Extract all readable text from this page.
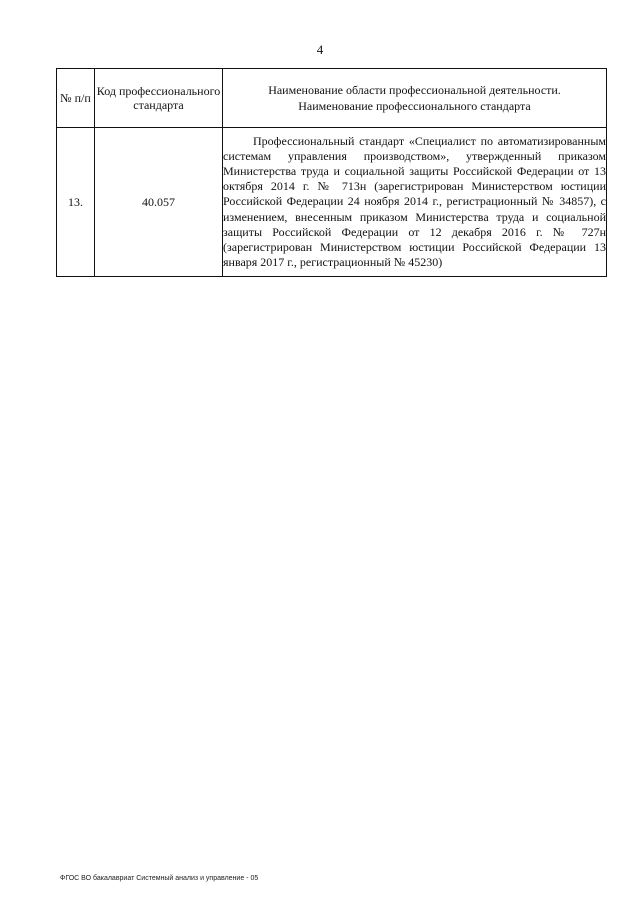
4
№ п/п	Код профессионального стандарта	Наименование области профессиональной деятельности.
Наименование профессионального стандарта

13.	40.057	Профессиональный стандарт «Специалист по автоматизированным системам управления производством», утвержденный приказом Министерства труда и социальной защиты Российской Федерации от 13 октября 2014 г. № 713н (зарегистрирован Министерством юстиции Российской Федерации 24 ноября 2014 г., регистрационный № 34857), с изменением, внесенным приказом Министерства труда и социальной защиты Российской Федерации от 12 декабря 2016 г. № 727н (зарегистрирован Министерством юстиции Российской Федерации 13 января 2017 г., регистрационный № 45230)
ФГОС ВО бакалавриат Системный анализ и управление - 05
